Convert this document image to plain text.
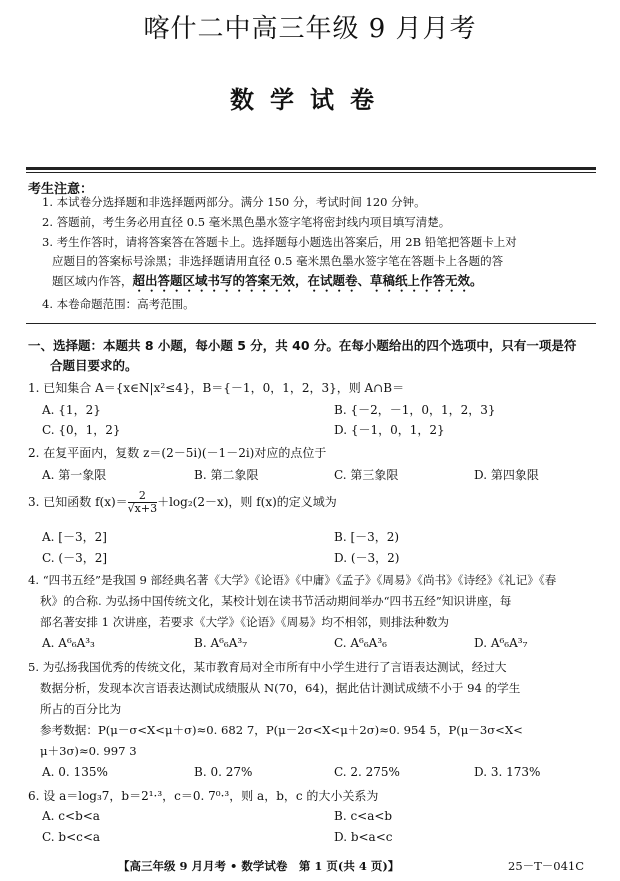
喀什二中高三年级 9 月月考
数学试卷
考生注意：
1. 本试卷分选择题和非选择题两部分。满分 150 分，考试时间 120 分钟。
2. 答题前，考生务必用直径 0.5 毫米黑色墨水签字笔将密封线内项目填写清楚。
3. 考生作答时，请将答案答在答题卡上。选择题每小题选出答案后，用 2B 铅笔把答题卡上对
应题目的答案标号涂黑；非选择题请用直径 0.5 毫米黑色墨水签字笔在答题卡上各题的答
题区域内作答，超出答题区域书写的答案无效，在试题卷、草稿纸上作答无效。
4. 本卷命题范围：高考范围。
一、选择题：本题共 8 小题，每小题 5 分，共 40 分。在每小题给出的四个选项中，只有一项是符
合题目要求的。
1. 已知集合 A＝{x∈N|x²≤4}，B＝{－1，0，1，2，3}，则 A∩B＝
A. {1，2}	B. {－2，－1，0，1，2，3}
C. {0，1，2}	D. {－1，0，1，2}
2. 在复平面内，复数 z＝(2－5i)(－1－2i)对应的点位于
A. 第一象限	B. 第二象限	C. 第三象限	D. 第四象限
3. 已知函数 $f(x)= \frac{2}{√x+3} +\log_2(2-x)$，则 f(x)的定义域为
A. [－3，2]	B. [－3，2)
C. (－3，2]	D. (－3，2)
4. “四书五经”是我国 9 部经典名著《大学》《论语》《中庸》《孟子》《周易》《尚书》《诗经》《礼记》《春
秋》的合称. 为弘扬中国传统文化，某校计划在读书节活动期间举办“四书五经”知识讲座，每
部名著安排 1 次讲座，若要求《大学》《论语》《周易》均不相邻，则排法种数为
A. A⁶₆A³₃	B. A⁶₆A³₇	C. A⁶₆A³₆	D. A⁶₆A³₇
5. 为弘扬我国优秀的传统文化，某市教育局对全市所有中小学生进行了言语表达测试，经过大
数据分析，发现本次言语表达测试成绩服从 N(70，64)，据此估计测试成绩不小于 94 的学生
所占的百分比为
参考数据：P(μ－σ<X<μ＋σ)≈0. 682 7，P(μ－2σ<X<μ＋2σ)≈0. 954 5，P(μ－3σ<X<
μ＋3σ)≈0. 997 3
A. 0. 135%	B. 0. 27%	C. 2. 275%	D. 3. 173%
6. 设 a＝log₃7，b＝2¹·³，c＝0. 7⁰·³，则 a，b，c 的大小关系为
A. c<b<a	B. c<a<b
C. b<c<a	D. b<a<c
【高三年级 9 月月考 • 数学试卷　第 1 页(共 4 页)】	25－T－041C
